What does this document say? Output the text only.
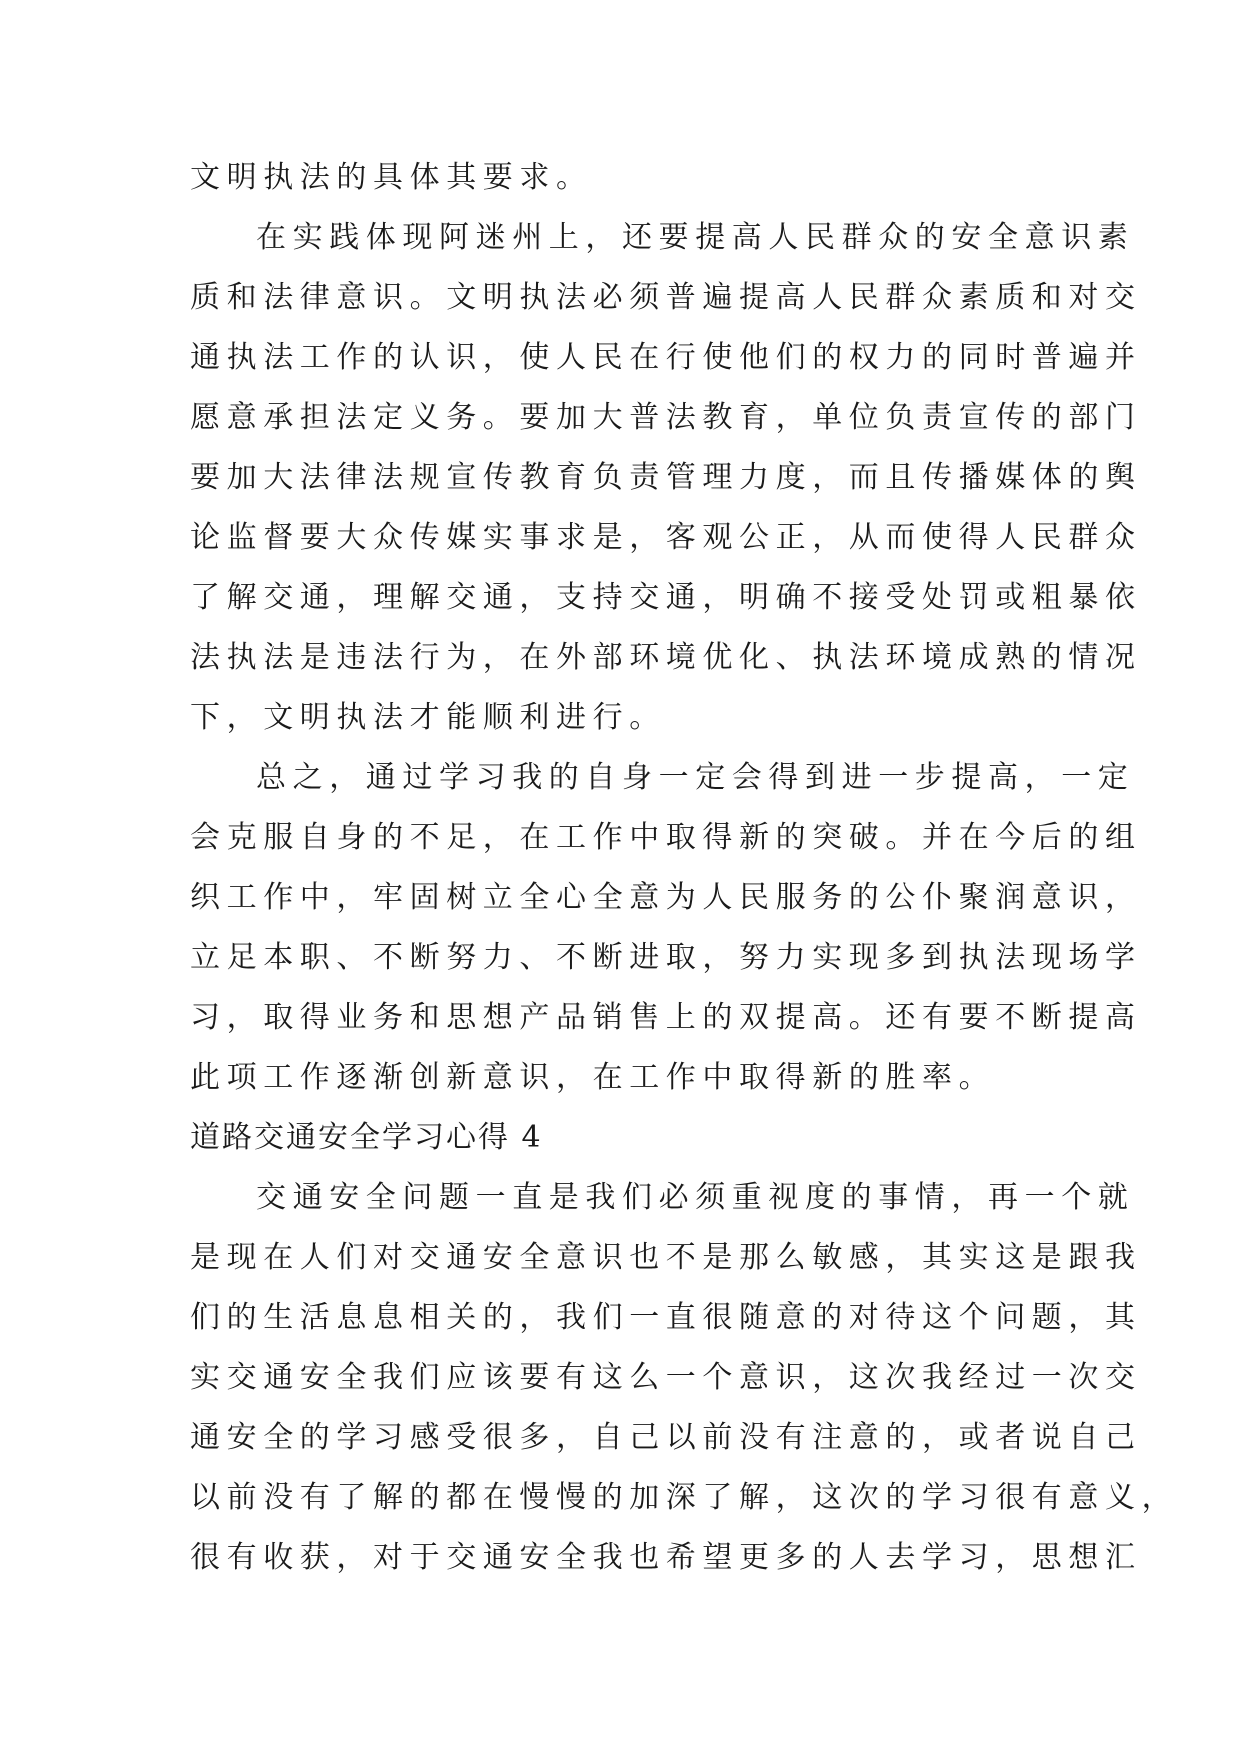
文明执法的具体其要求。
在实践体现阿迷州上，还要提高人民群众的安全意识素
质和法律意识。文明执法必须普遍提高人民群众素质和对交
通执法工作的认识，使人民在行使他们的权力的同时普遍并
愿意承担法定义务。要加大普法教育，单位负责宣传的部门
要加大法律法规宣传教育负责管理力度，而且传播媒体的舆
论监督要大众传媒实事求是，客观公正，从而使得人民群众
了解交通，理解交通，支持交通，明确不接受处罚或粗暴依
法执法是违法行为，在外部环境优化、执法环境成熟的情况
下，文明执法才能顺利进行。
总之，通过学习我的自身一定会得到进一步提高，一定
会克服自身的不足，在工作中取得新的突破。并在今后的组
织工作中，牢固树立全心全意为人民服务的公仆聚润意识，
立足本职、不断努力、不断进取，努力实现多到执法现场学
习，取得业务和思想产品销售上的双提高。还有要不断提高
此项工作逐渐创新意识，在工作中取得新的胜率。
道路交通安全学习心得 4
交通安全问题一直是我们必须重视度的事情，再一个就
是现在人们对交通安全意识也不是那么敏感，其实这是跟我
们的生活息息相关的，我们一直很随意的对待这个问题，其
实交通安全我们应该要有这么一个意识，这次我经过一次交
通安全的学习感受很多，自己以前没有注意的，或者说自己
以前没有了解的都在慢慢的加深了解，这次的学习很有意义，
很有收获，对于交通安全我也希望更多的人去学习，思想汇
